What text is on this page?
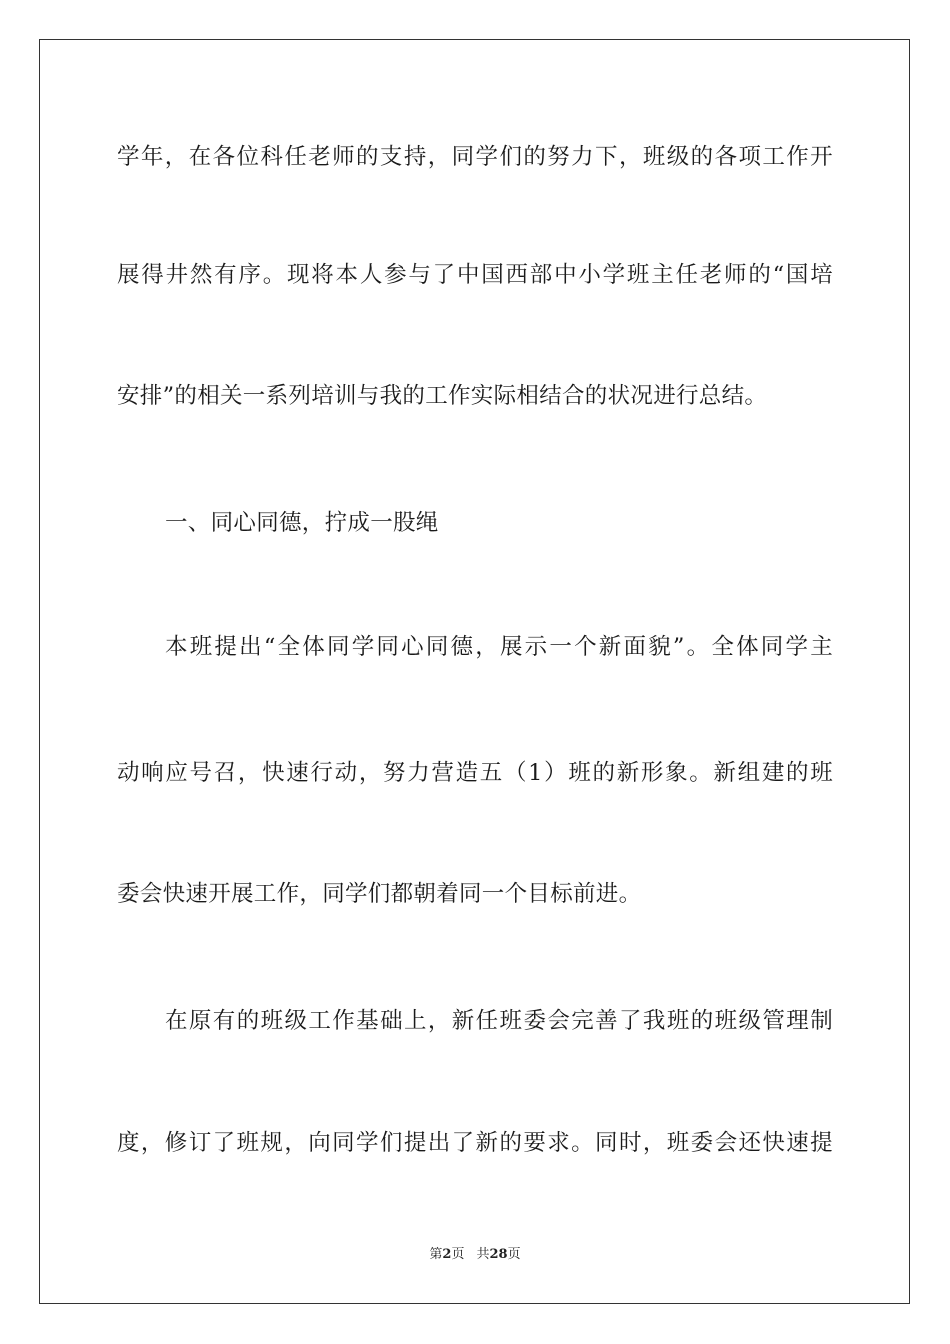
学年，在各位科任老师的支持，同学们的努力下，班级的各项工作开
展得井然有序。现将本人参与了中国西部中小学班主任老师的“国培
安排”的相关一系列培训与我的工作实际相结合的状况进行总结。
一、同心同德，拧成一股绳
本班提出“全体同学同心同德，展示一个新面貌”。全体同学主
动响应号召，快速行动，努力营造五（1）班的新形象。新组建的班
委会快速开展工作，同学们都朝着同一个目标前进。
在原有的班级工作基础上，新任班委会完善了我班的班级管理制
度，修订了班规，向同学们提出了新的要求。同时，班委会还快速提
第2页 共28页
